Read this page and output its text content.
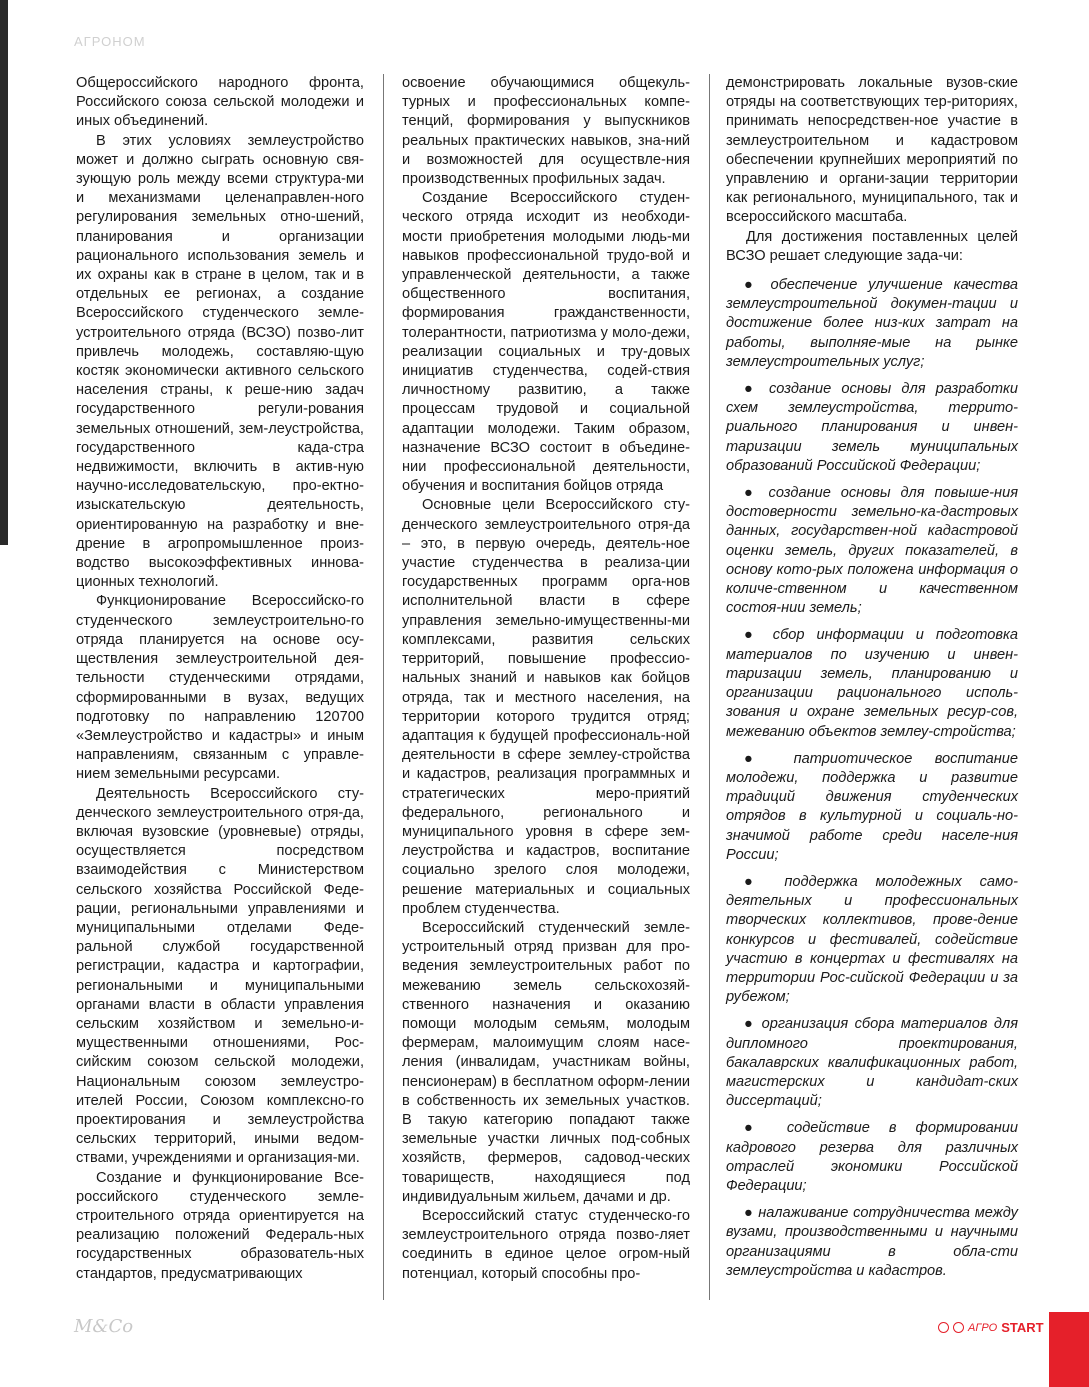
АГРОНОМ

Общероссийского народного фронта, Российского союза сельской молодежи и иных объединений.

В этих условиях землеустройство может и должно сыграть основную свя-зующую роль между всеми структура-ми и механизмами целенаправлен-ного регулирования земельных отно-шений, планирования и организации рационального использования земель и их охраны как в стране в целом, так и в отдельных ее регионах, а создание Всероссийского студенческого земле-устроительного отряда (ВСЗО) позво-лит привлечь молодежь, составляю-щую костяк экономически активного сельского населения страны, к реше-нию задач государственного регули-рования земельных отношений, зем-леустройства, государственного када-стра недвижимости, включить в актив-ную научно-исследовательскую, про-ектно-изыскательскую деятельность, ориентированную на разработку и вне-дрение в агропромышленное произ-водство высокоэффективных иннова-ционных технологий.

Функционирование Всероссийско-го студенческого землеустроительно-го отряда планируется на основе осу-ществления землеустроительной дея-тельности студенческими отрядами, сформированными в вузах, ведущих подготовку по направлению 120700 «Землеустройство и кадастры» и иным направлениям, связанным с управле-нием земельными ресурсами.

Деятельность Всероссийского сту-денческого землеустроительного отря-да, включая вузовские (уровневые) отряды, осуществляется посредством взаимодействия с Министерством сельского хозяйства Российской Феде-рации, региональными управлениями и муниципальными отделами Феде-ральной службой государственной регистрации, кадастра и картографии, региональными и муниципальными органами власти в области управления сельским хозяйством и земельно-и-мущественными отношениями, Рос-сийским союзом сельской молодежи, Национальным союзом землеустро-ителей России, Союзом комплексно-го проектирования и землеустройства сельских территорий, иными ведом-ствами, учреждениями и организация-ми.

Создание и функционирование Все-российского студенческого земле-строительного отряда ориентируется на реализацию положений Федераль-ных государственных образователь-ных стандартов, предусматривающих

освоение обучающимися общекуль-турных и профессиональных компе-тенций, формирования у выпускников реальных практических навыков, зна-ний и возможностей для осуществле-ния производственных профильных задач.

Создание Всероссийского студен-ческого отряда исходит из необходи-мости приобретения молодыми людь-ми навыков профессиональной трудо-вой и управленческой деятельности, а также общественного воспитания, формирования гражданственности, толерантности, патриотизма у моло-дежи, реализации социальных и тру-довых инициатив студенчества, содей-ствия личностному развитию, а также процессам трудовой и социальной адаптации молодежи. Таким образом, назначение ВСЗО состоит в объедине-нии профессиональной деятельности, обучения и воспитания бойцов отряда

Основные цели Всероссийского сту-денческого землеустроительного отря-да – это, в первую очередь, деятель-ное участие студенчества в реализа-ции государственных программ орга-нов исполнительной власти в сфере управления земельно-имущественны-ми комплексами, развития сельских территорий, повышение профессио-нальных знаний и навыков как бойцов отряда, так и местного населения, на территории которого трудится отряд; адаптация к будущей профессиональ-ной деятельности в сфере землеу-стройства и кадастров, реализация программных и стратегических меро-приятий федерального, регионального и муниципального уровня в сфере зем-леустройства и кадастров, воспитание социально зрелого слоя молодежи, решение материальных и социальных проблем студенчества.

Всероссийский студенческий земле-устроительный отряд призван для про-ведения землеустроительных работ по межеванию земель сельскохозяй-ственного назначения и оказанию помощи молодым семьям, молодым фермерам, малоимущим слоям насе-ления (инвалидам, участникам войны, пенсионерам) в бесплатном оформ-лении в собственность их земельных участков. В такую категорию попадают также земельные участки личных под-собных хозяйств, фермеров, садовод-ческих товариществ, находящиеся под индивидуальным жильем, дачами и др.

Всероссийский статус студенческо-го землеустроительного отряда позво-ляет соединить в единое целое огром-ный потенциал, который способны про-

демонстрировать локальные вузов-ские отряды на соответствующих тер-риториях, принимать непосредствен-ное участие в землеустроительном и кадастровом обеспечении крупнейших мероприятий по управлению и органи-зации территории как регионального, муниципального, так и всероссийского масштаба.

Для достижения поставленных целей ВСЗО решает следующие зада-чи:

● обеспечение улучшение качества землеустроительной докумен-тации и достижение более низ-ких затрат на работы, выполняе-мые на рынке землеустроительных услуг;

● создание основы для разработки схем землеустройства, террито-риального планирования и инвен-таризации земель муниципальных образований Российской Федерации;

● создание основы для повыше-ния достоверности земельно-ка-дастровых данных, государствен-ной кадастровой оценки земель, других показателей, в основу кото-рых положена информация о количе-ственном и качественном состоя-нии земель;

● сбор информации и подготовка материалов по изучению и инвен-таризации земель, планированию и организации рационального исполь-зования и охране земельных ресур-сов, межеванию объектов землеу-стройства;

● патриотическое воспитание молодежи, поддержка и развитие традиций движения студенческих отрядов в культурной и социаль-но-значимой работе среди населе-ния России;

● поддержка молодежных само-деятельных и профессиональных творческих коллективов, прове-дение конкурсов и фестивалей, содействие участию в концертах и фестивалях на территории Рос-сийской Федерации и за рубежом;

● организация сбора материалов для дипломного проектирования, бакалаврских квалификационных работ, магистерских и кандидат-ских диссертаций;

● содействие в формировании кадрового резерва для различных отраслей экономики Российской Федерации;

● налаживание сотрудничества между вузами, производственными и научными организациями в обла-сти землеустройства и кадастров.

M&Co	АГРО START
